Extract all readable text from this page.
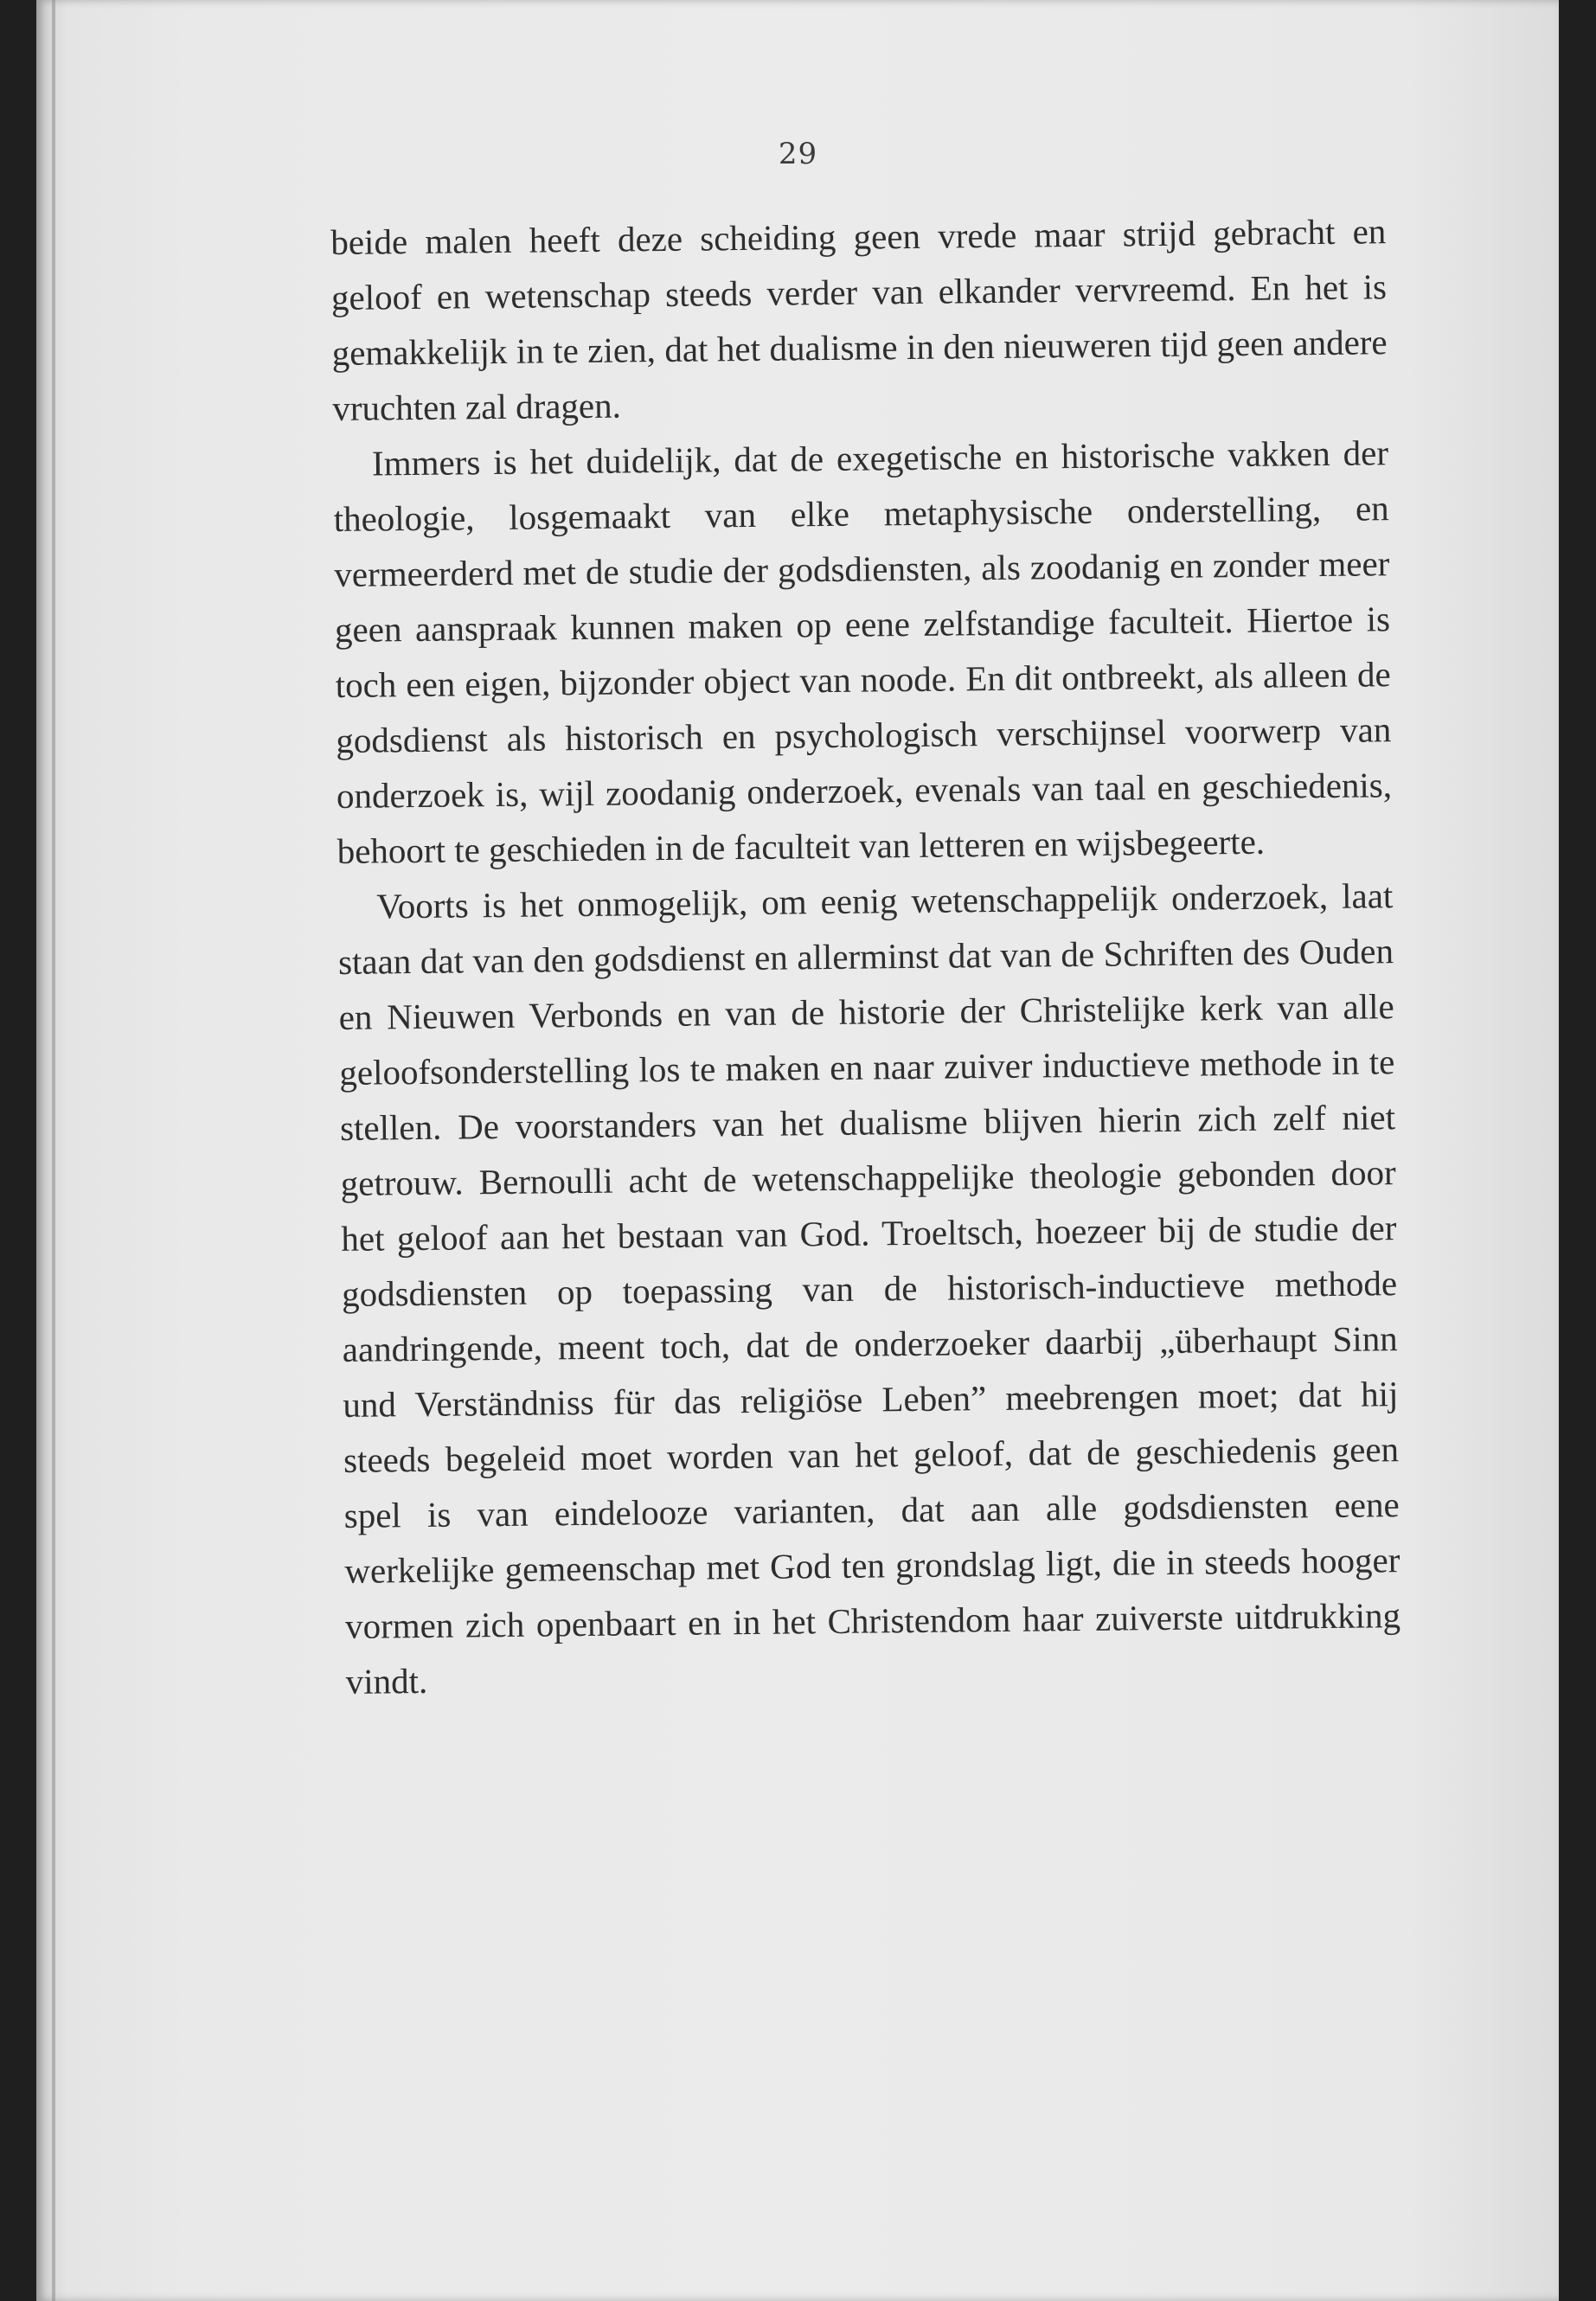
29

beide malen heeft deze scheiding geen vrede maar strijd gebracht en geloof en wetenschap steeds verder van elkander vervreemd. En het is gemakkelijk in te zien, dat het dualisme in den nieuweren tijd geen andere vruchten zal dragen.

Immers is het duidelijk, dat de exegetische en historische vakken der theologie, losgemaakt van elke metaphysische onderstelling, en vermeerderd met de studie der godsdiensten, als zoodanig en zonder meer geen aanspraak kunnen maken op eene zelfstandige faculteit. Hiertoe is toch een eigen, bijzonder object van noode. En dit ontbreekt, als alleen de godsdienst als historisch en psychologisch verschijnsel voorwerp van onderzoek is, wijl zoodanig onderzoek, evenals van taal en geschiedenis, behoort te geschieden in de faculteit van letteren en wijsbegeerte.

Voorts is het onmogelijk, om eenig wetenschappelijk onderzoek, laat staan dat van den godsdienst en allerminst dat van de Schriften des Ouden en Nieuwen Verbonds en van de historie der Christelijke kerk van alle geloofsonderstelling los te maken en naar zuiver inductieve methode in te stellen. De voorstanders van het dualisme blijven hierin zich zelf niet getrouw. Bernoulli acht de wetenschappelijke theologie gebonden door het geloof aan het bestaan van God. Troeltsch, hoezeer bij de studie der godsdiensten op toepassing van de historisch-inductieve methode aandringende, meent toch, dat de onderzoeker daarbij „überhaupt Sinn und Verständniss für das religiöse Leben” meebrengen moet; dat hij steeds begeleid moet worden van het geloof, dat de geschiedenis geen spel is van eindelooze varianten, dat aan alle godsdiensten eene werkelijke gemeenschap met God ten grondslag ligt, die in steeds hooger vormen zich openbaart en in het Christendom haar zuiverste uitdrukking vindt.
